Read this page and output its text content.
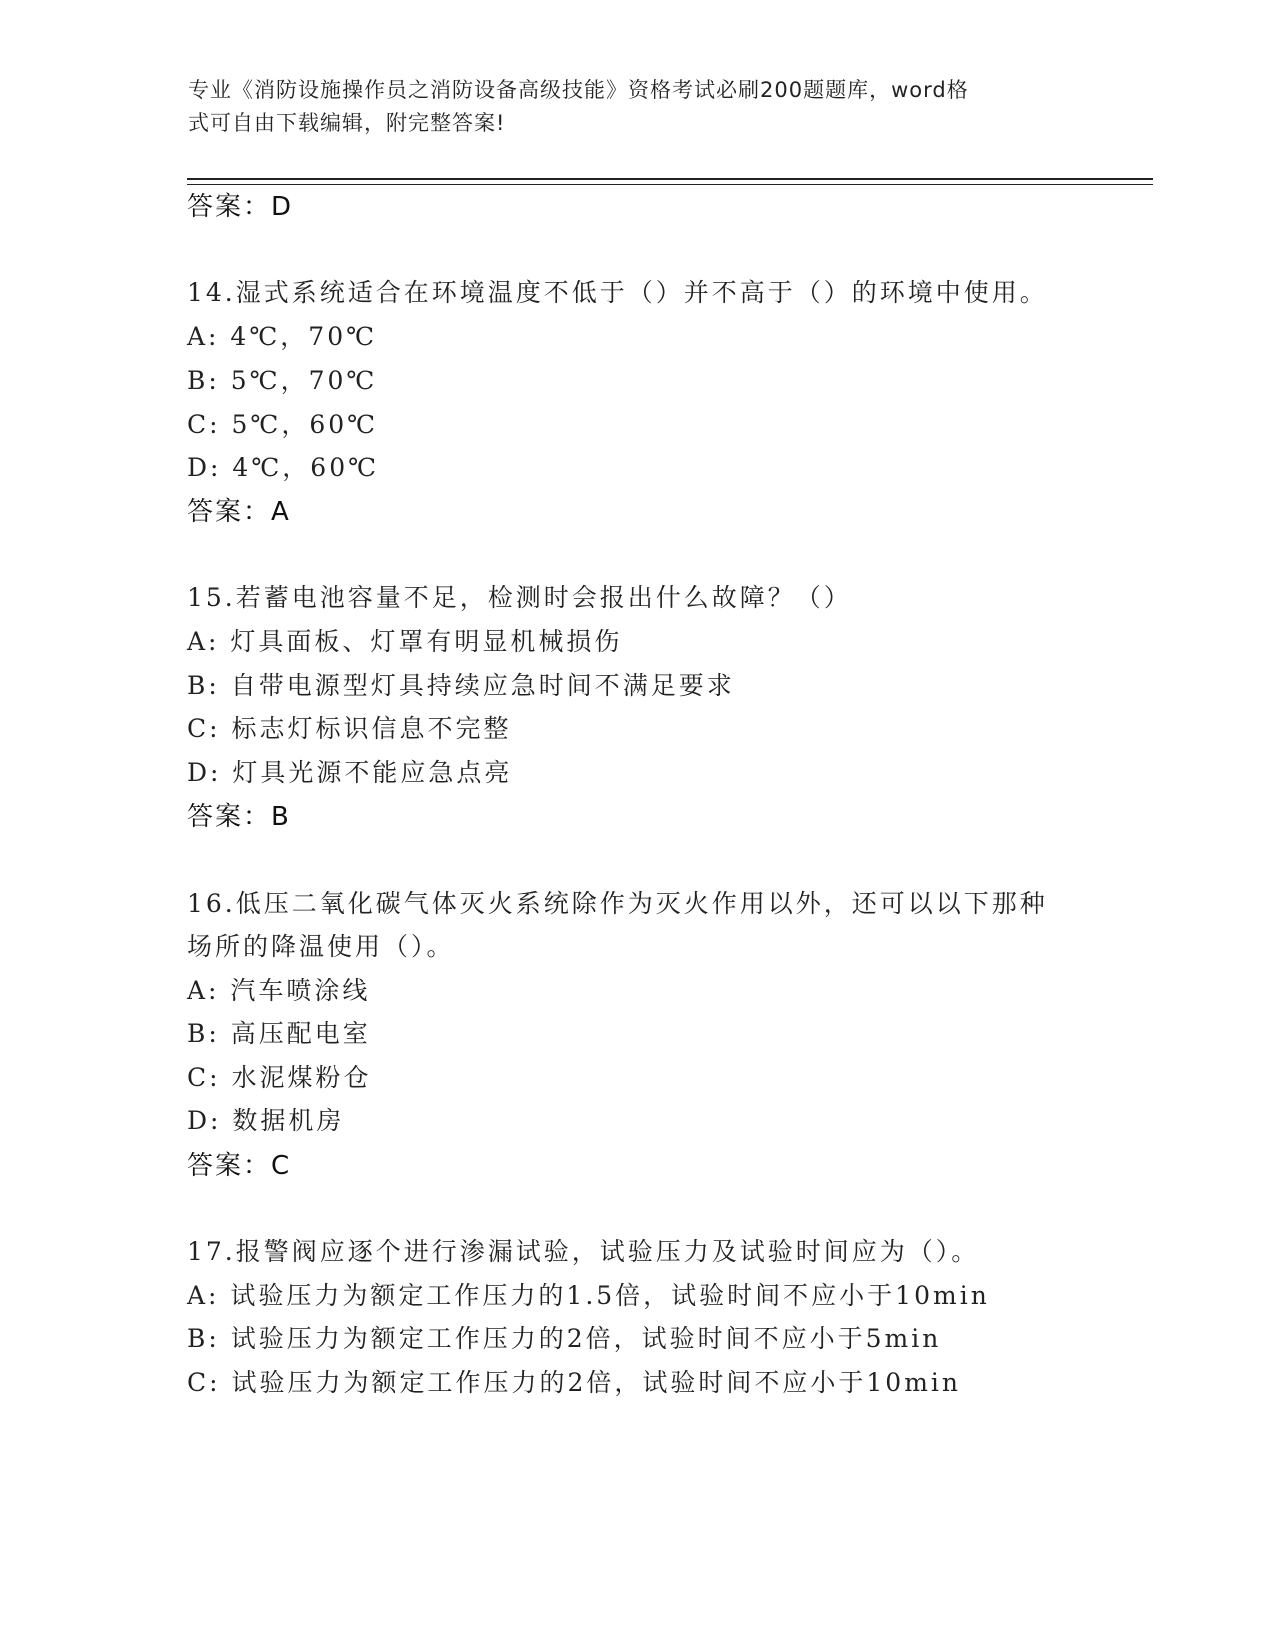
专业《消防设施操作员之消防设备高级技能》资格考试必刷200题题库，word格
式可自由下载编辑，附完整答案!
答案：D
14.湿式系统适合在环境温度不低于（）并不高于（）的环境中使用。
A: 4℃，70℃
B: 5℃，70℃
C: 5℃，60℃
D: 4℃，60℃
答案：A
15.若蓄电池容量不足，检测时会报出什么故障？（）
A: 灯具面板、灯罩有明显机械损伤
B: 自带电源型灯具持续应急时间不满足要求
C: 标志灯标识信息不完整
D: 灯具光源不能应急点亮
答案：B
16.低压二氧化碳气体灭火系统除作为灭火作用以外，还可以以下那种
场所的降温使用（）。
A: 汽车喷涂线
B: 高压配电室
C: 水泥煤粉仓
D: 数据机房
答案：C
17.报警阀应逐个进行渗漏试验，试验压力及试验时间应为（）。
A: 试验压力为额定工作压力的1.5倍，试验时间不应小于10min
B: 试验压力为额定工作压力的2倍，试验时间不应小于5min
C: 试验压力为额定工作压力的2倍，试验时间不应小于10min
